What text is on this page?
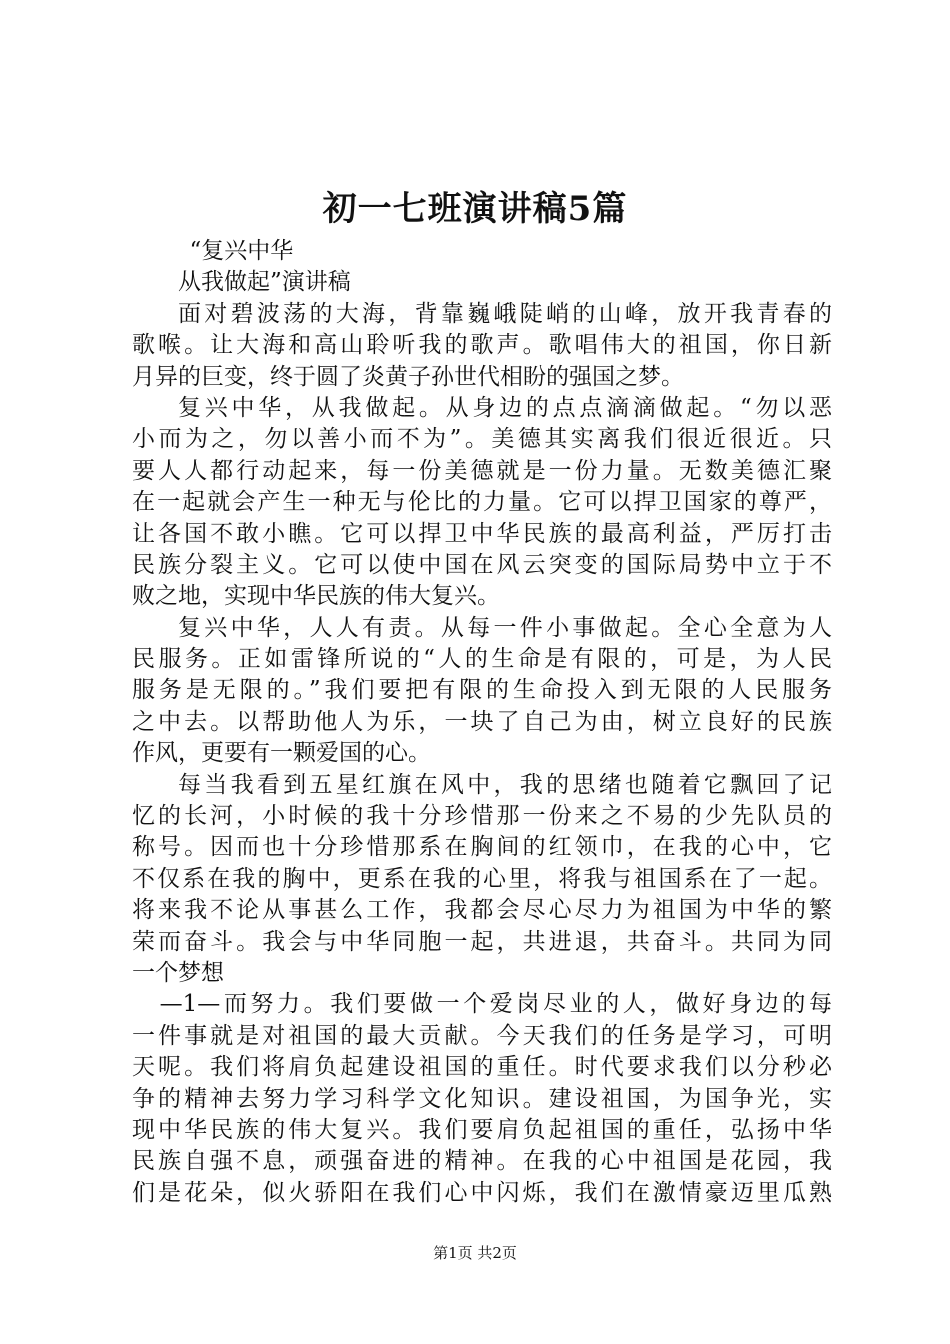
初一七班演讲稿5篇
“复兴中华
从我做起”演讲稿
面对碧波荡的大海，背靠巍峨陡峭的山峰，放开我青春的
歌喉。让大海和高山聆听我的歌声。歌唱伟大的祖国，你日新
月异的巨变，终于圆了炎黄子孙世代相盼的强国之梦。
复兴中华，从我做起。从身边的点点滴滴做起。“勿以恶
小而为之，勿以善小而不为”。美德其实离我们很近很近。只
要人人都行动起来，每一份美德就是一份力量。无数美德汇聚
在一起就会产生一种无与伦比的力量。它可以捍卫国家的尊严，
让各国不敢小瞧。它可以捍卫中华民族的最高利益，严厉打击
民族分裂主义。它可以使中国在风云突变的国际局势中立于不
败之地，实现中华民族的伟大复兴。
复兴中华，人人有责。从每一件小事做起。全心全意为人
民服务。正如雷锋所说的“人的生命是有限的，可是，为人民
服务是无限的。”我们要把有限的生命投入到无限的人民服务
之中去。以帮助他人为乐，一块了自己为由，树立良好的民族
作风，更要有一颗爱国的心。
每当我看到五星红旗在风中，我的思绪也随着它飘回了记
忆的长河，小时候的我十分珍惜那一份来之不易的少先队员的
称号。因而也十分珍惜那系在胸间的红领巾，在我的心中，它
不仅系在我的胸中，更系在我的心里，将我与祖国系在了一起。
将来我不论从事甚么工作，我都会尽心尽力为祖国为中华的繁
荣而奋斗。我会与中华同胞一起，共进退，共奋斗。共同为同
一个梦想
—1—而努力。我们要做一个爱岗尽业的人，做好身边的每
一件事就是对祖国的最大贡献。今天我们的任务是学习，可明
天呢。我们将肩负起建设祖国的重任。时代要求我们以分秒必
争的精神去努力学习科学文化知识。建设祖国，为国争光，实
现中华民族的伟大复兴。我们要肩负起祖国的重任，弘扬中华
民族自强不息，顽强奋进的精神。在我的心中祖国是花园，我
们是花朵，似火骄阳在我们心中闪烁，我们在激情豪迈里瓜熟
第1页 共2页
